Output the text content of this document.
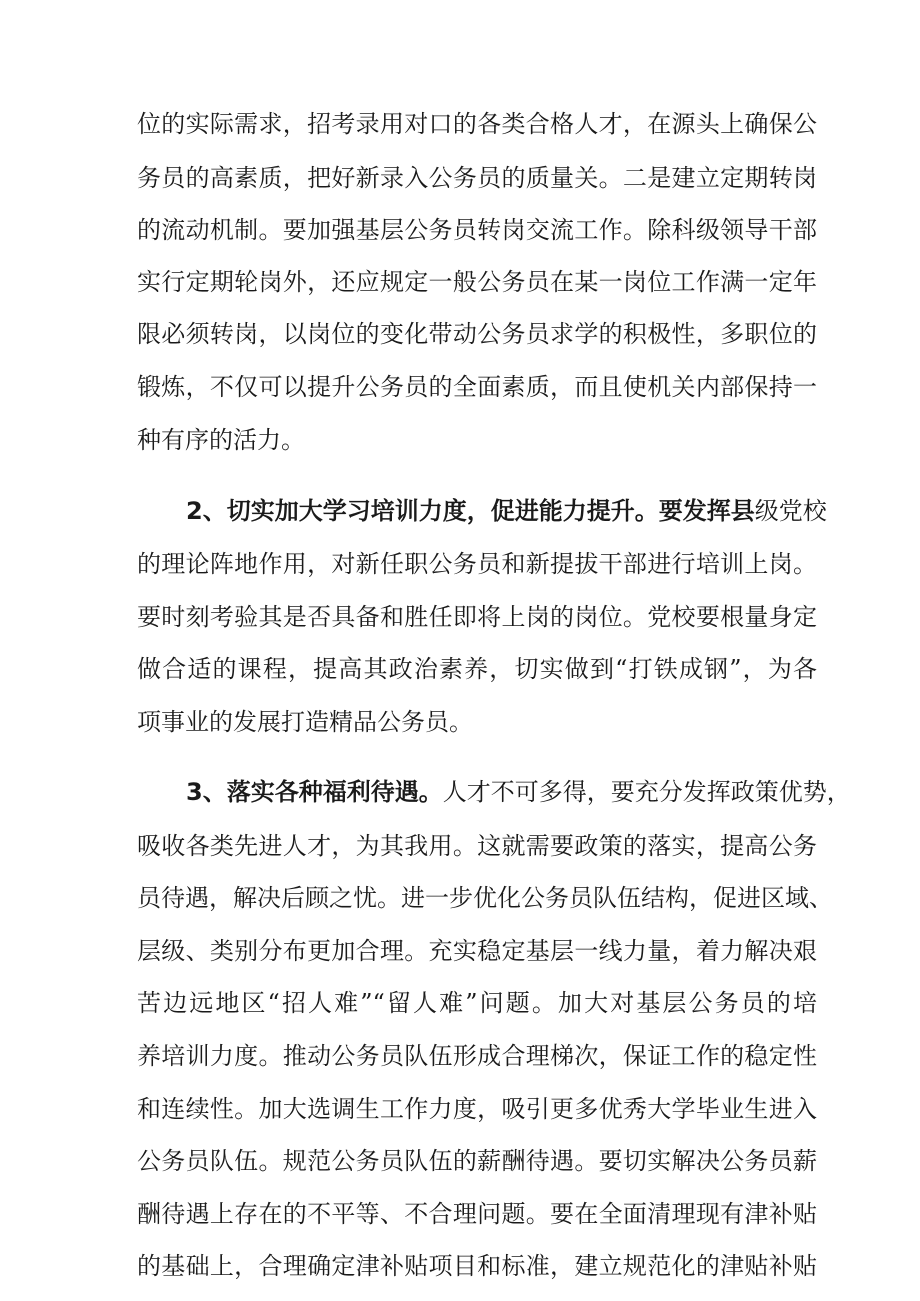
位的实际需求，招考录用对口的各类合格人才，在源头上确保公
务员的高素质，把好新录入公务员的质量关。二是建立定期转岗
的流动机制。要加强基层公务员转岗交流工作。除科级领导干部
实行定期轮岗外，还应规定一般公务员在某一岗位工作满一定年
限必须转岗，以岗位的变化带动公务员求学的积极性，多职位的
锻炼，不仅可以提升公务员的全面素质，而且使机关内部保持一
种有序的活力。
2、切实加大学习培训力度，促进能力提升。要发挥县级党校
的理论阵地作用，对新任职公务员和新提拔干部进行培训上岗。
要时刻考验其是否具备和胜任即将上岗的岗位。党校要根量身定
做合适的课程，提高其政治素养，切实做到“打铁成钢”，为各
项事业的发展打造精品公务员。
3、落实各种福利待遇。人才不可多得，要充分发挥政策优势，
吸收各类先进人才，为其我用。这就需要政策的落实，提高公务
员待遇，解决后顾之忧。进一步优化公务员队伍结构，促进区域、
层级、类别分布更加合理。充实稳定基层一线力量，着力解决艰
苦边远地区“招人难”“留人难”问题。加大对基层公务员的培
养培训力度。推动公务员队伍形成合理梯次，保证工作的稳定性
和连续性。加大选调生工作力度，吸引更多优秀大学毕业生进入
公务员队伍。规范公务员队伍的薪酬待遇。要切实解决公务员薪
酬待遇上存在的不平等、不合理问题。要在全面清理现有津补贴
的基础上，合理确定津补贴项目和标准，建立规范化的津贴补贴
